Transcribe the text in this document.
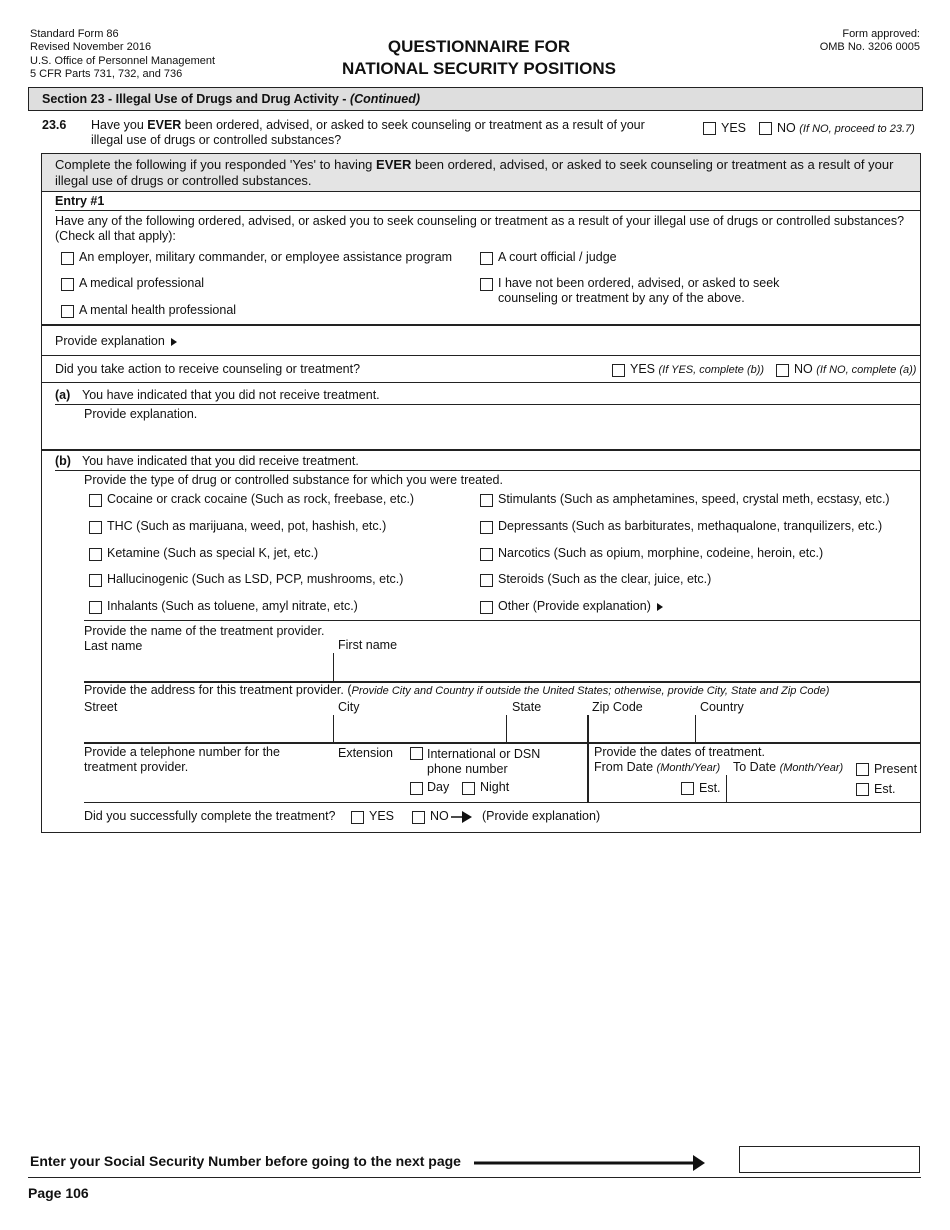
Standard Form 86
Revised November 2016
U.S. Office of Personnel Management
5 CFR Parts 731, 732, and 736
QUESTIONNAIRE FOR
NATIONAL SECURITY POSITIONS
Form approved:
OMB No. 3206 0005
Section 23 - Illegal Use of Drugs and Drug Activity - (Continued)
23.6 Have you EVER been ordered, advised, or asked to seek counseling or treatment as a result of your
illegal use of drugs or controlled substances?
YES NO (If NO, proceed to 23.7)
Complete the following if you responded 'Yes' to having EVER been ordered, advised, or asked to seek counseling or treatment as a result of your
illegal use of drugs or controlled substances.
Entry #1
Have any of the following ordered, advised, or asked you to seek counseling or treatment as a result of your illegal use of drugs or controlled substances?
(Check all that apply):
An employer, military commander, or employee assistance program
A medical professional
A mental health professional
A court official / judge
I have not been ordered, advised, or asked to seek
counseling or treatment by any of the above.
Provide explanation
Did you take action to receive counseling or treatment?	YES (If YES, complete (b)) NO (If NO, complete (a))
(a) You have indicated that you did not receive treatment.
Provide explanation.
(b) You have indicated that you did receive treatment.
Provide the type of drug or controlled substance for which you were treated.
Cocaine or crack cocaine (Such as rock, freebase, etc.)
THC (Such as marijuana, weed, pot, hashish, etc.)
Ketamine (Such as special K, jet, etc.)
Hallucinogenic (Such as LSD, PCP, mushrooms, etc.)
Inhalants (Such as toluene, amyl nitrate, etc.)
Stimulants (Such as amphetamines, speed, crystal meth, ecstasy, etc.)
Depressants (Such as barbiturates, methaqualone, tranquilizers, etc.)
Narcotics (Such as opium, morphine, codeine, heroin, etc.)
Steroids (Such as the clear, juice, etc.)
Other (Provide explanation)
Provide the name of the treatment provider.
Last name	First name
Provide the address for this treatment provider. (Provide City and Country if outside the United States; otherwise, provide City, State and Zip Code)
Street	City	State	Zip Code	Country
Provide a telephone number for the
treatment provider.
Extension	International or DSN
phone number
Day Night
Provide the dates of treatment.
From Date (Month/Year) To Date (Month/Year) Present
Est.	Est.
Did you successfully complete the treatment?	YES	NO	(Provide explanation)
Enter your Social Security Number before going to the next page
Page 106
